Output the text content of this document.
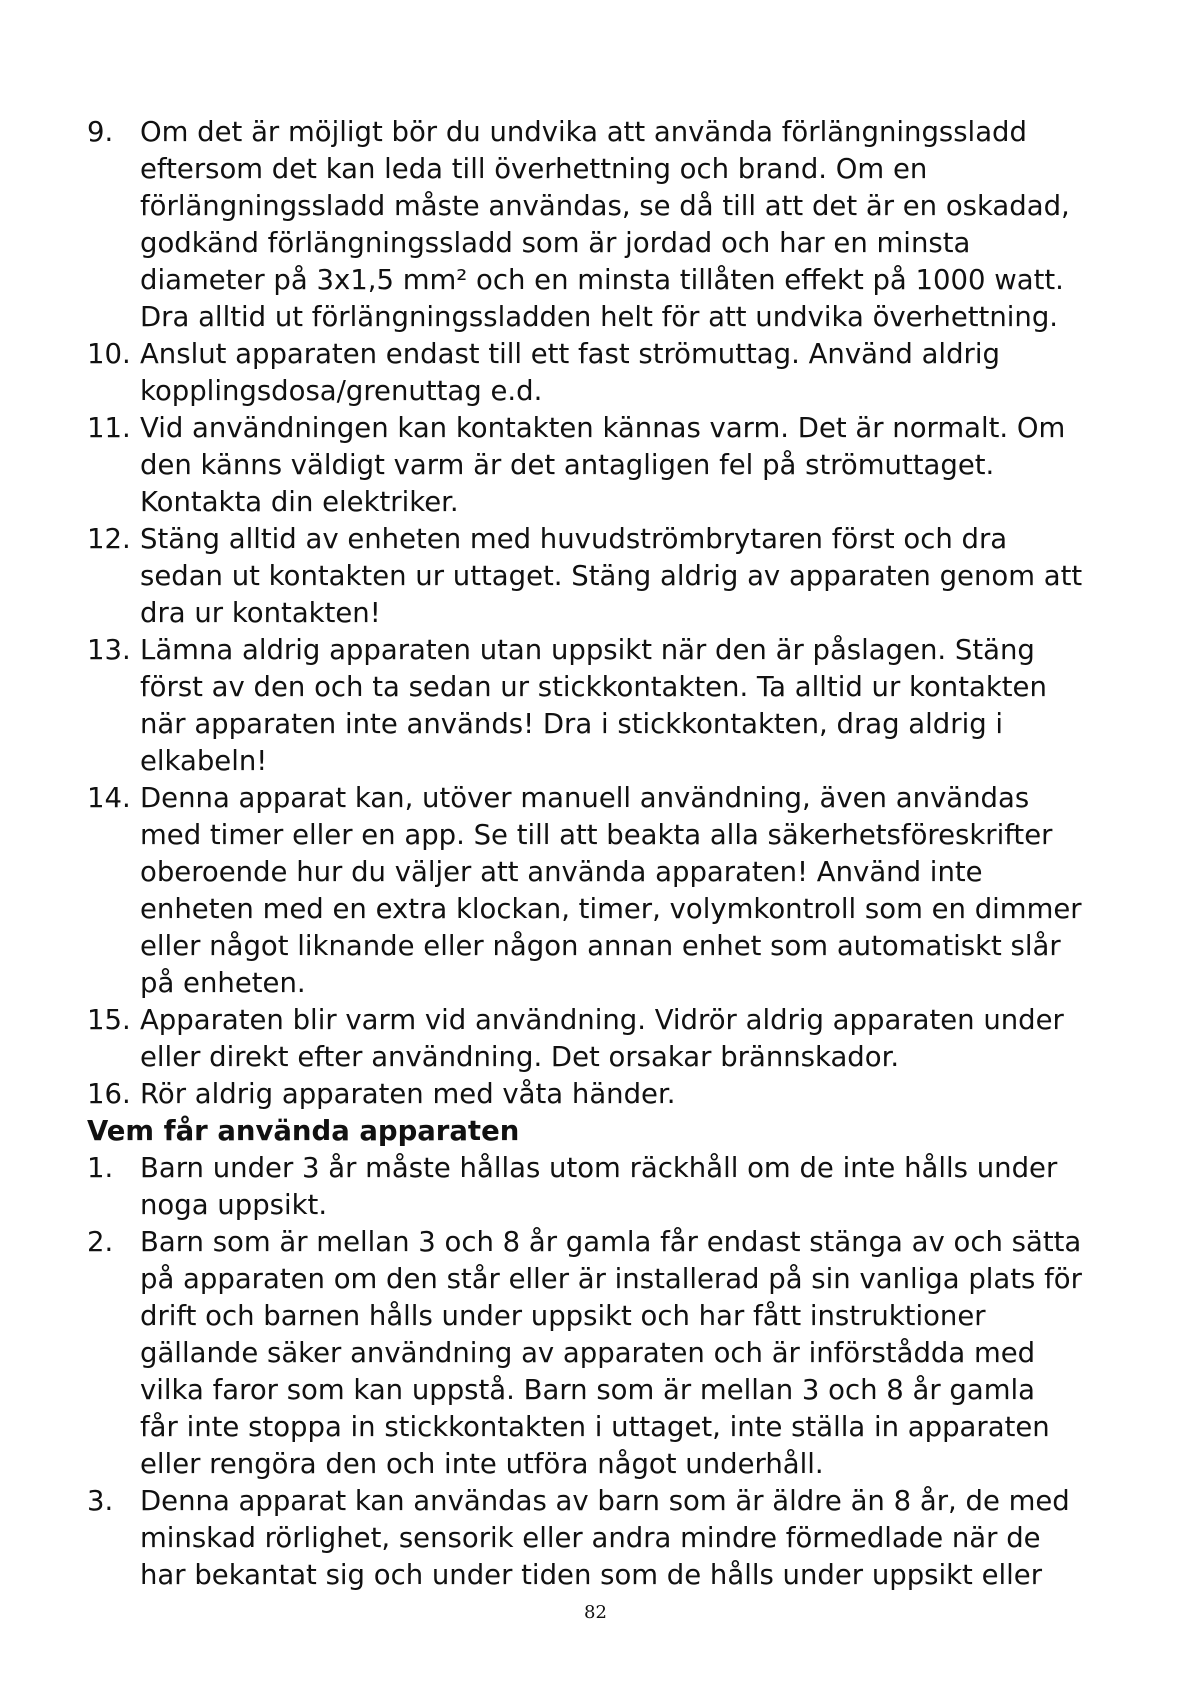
9. Om det är möjligt bör du undvika att använda förlängningssladd
eftersom det kan leda till överhettning och brand. Om en
förlängningssladd måste användas, se då till att det är en oskadad,
godkänd förlängningssladd som är jordad och har en minsta
diameter på 3x1,5 mm² och en minsta tillåten effekt på 1000 watt.
Dra alltid ut förlängningssladden helt för att undvika överhettning.
10. Anslut apparaten endast till ett fast strömuttag. Använd aldrig
kopplingsdosa/grenuttag e.d.
11. Vid användningen kan kontakten kännas varm. Det är normalt. Om
den känns väldigt varm är det antagligen fel på strömuttaget.
Kontakta din elektriker.
12. Stäng alltid av enheten med huvudströmbrytaren först och dra
sedan ut kontakten ur uttaget. Stäng aldrig av apparaten genom att
dra ur kontakten!
13. Lämna aldrig apparaten utan uppsikt när den är påslagen. Stäng
först av den och ta sedan ur stickkontakten. Ta alltid ur kontakten
när apparaten inte används! Dra i stickkontakten, drag aldrig i
elkabeln!
14. Denna apparat kan, utöver manuell användning, även användas
med timer eller en app. Se till att beakta alla säkerhetsföreskrifter
oberoende hur du väljer att använda apparaten! Använd inte
enheten med en extra klockan, timer, volymkontroll som en dimmer
eller något liknande eller någon annan enhet som automatiskt slår
på enheten.
15. Apparaten blir varm vid användning. Vidrör aldrig apparaten under
eller direkt efter användning. Det orsakar brännskador.
16. Rör aldrig apparaten med våta händer.
Vem får använda apparaten
1. Barn under 3 år måste hållas utom räckhåll om de inte hålls under
noga uppsikt.
2. Barn som är mellan 3 och 8 år gamla får endast stänga av och sätta
på apparaten om den står eller är installerad på sin vanliga plats för
drift och barnen hålls under uppsikt och har fått instruktioner
gällande säker användning av apparaten och är införstådda med
vilka faror som kan uppstå. Barn som är mellan 3 och 8 år gamla
får inte stoppa in stickkontakten i uttaget, inte ställa in apparaten
eller rengöra den och inte utföra något underhåll.
3. Denna apparat kan användas av barn som är äldre än 8 år, de med
minskad rörlighet, sensorik eller andra mindre förmedlade när de
har bekantat sig och under tiden som de hålls under uppsikt eller
82
